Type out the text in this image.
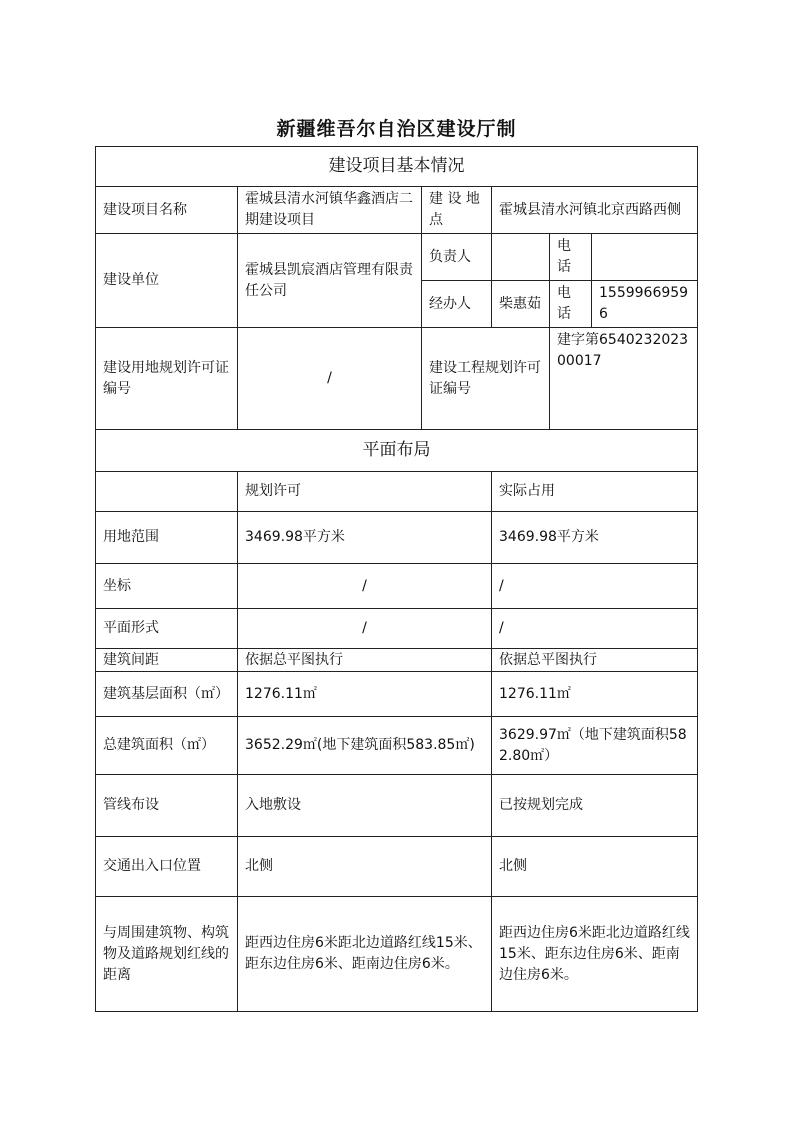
新疆维吾尔自治区建设厅制
建设项目基本情况					
建设项目名称	霍城县清水河镇华鑫酒店二期建设项目	建 设 地 点	霍城县清水河镇北京西路西侧		
建设单位	霍城县凯宸酒店管理有限责任公司	负责人		电 话	
		经办人	柴惠茹	电 话	15599669596
建设用地规划许可证编号	/	建设工程规划许可证编号		建字第654023202300017	
平面布局					
	规划许可		实际占用		
用地范围	3469.98平方米		3469.98平方米		
坐标	/		/		
平面形式	/		/		
建筑间距	依据总平图执行		依据总平图执行		
建筑基层面积（㎡）	1276.11㎡		1276.11㎡		
总建筑面积（㎡）	3652.29㎡(地下建筑面积583.85㎡)		3629.97㎡（地下建筑面积582.80㎡）		
管线布设	入地敷设		已按规划完成		
交通出入口位置	北侧		北侧		
与周围建筑物、构筑物及道路规划红线的距离	距西边住房6米距北边道路红线15米、距东边住房6米、距南边住房6米。		距西边住房6米距北边道路红线15米、距东边住房6米、距南边住房6米。		
